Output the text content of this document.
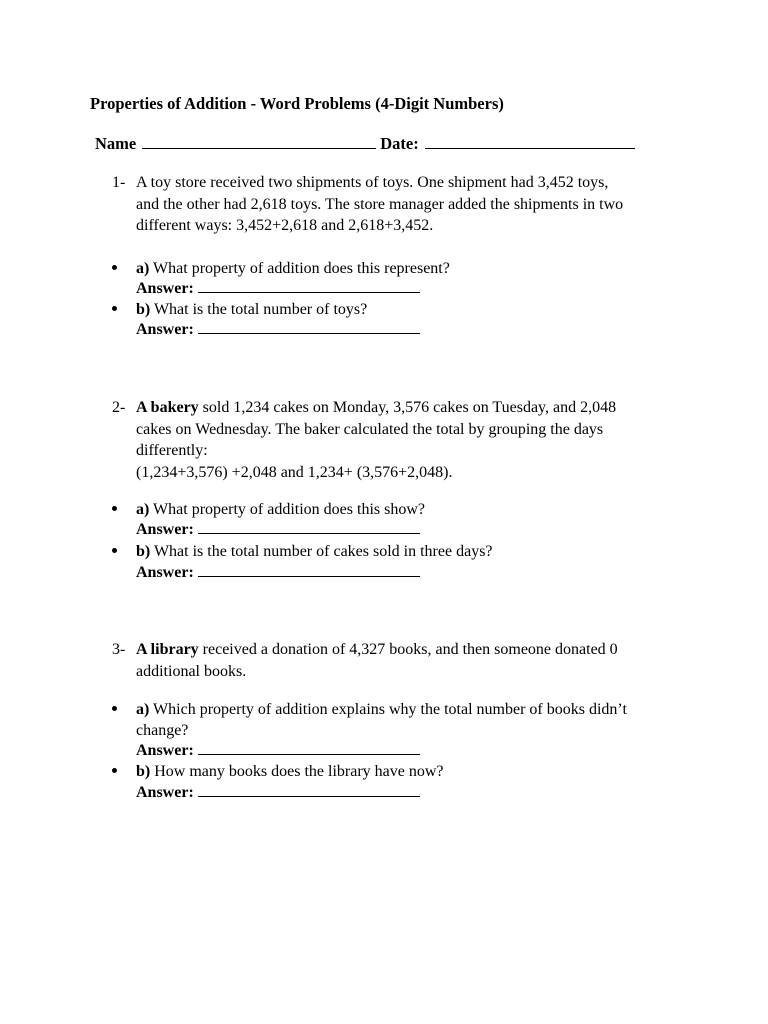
Properties of Addition - Word Problems (4-Digit Numbers)
Name	Date:
1- A toy store received two shipments of toys. One shipment had 3,452 toys,
and the other had 2,618 toys. The store manager added the shipments in two
different ways: 3,452+2,618 and 2,618+3,452.
a) What property of addition does this represent?
Answer:
b) What is the total number of toys?
Answer:
2- A bakery sold 1,234 cakes on Monday, 3,576 cakes on Tuesday, and 2,048
cakes on Wednesday. The baker calculated the total by grouping the days
differently:
(1,234+3,576) +2,048 and 1,234+ (3,576+2,048).
a) What property of addition does this show?
Answer:
b) What is the total number of cakes sold in three days?
Answer:
3- A library received a donation of 4,327 books, and then someone donated 0
additional books.
a) Which property of addition explains why the total number of books didn’t change?
Answer:
b) How many books does the library have now?
Answer:
